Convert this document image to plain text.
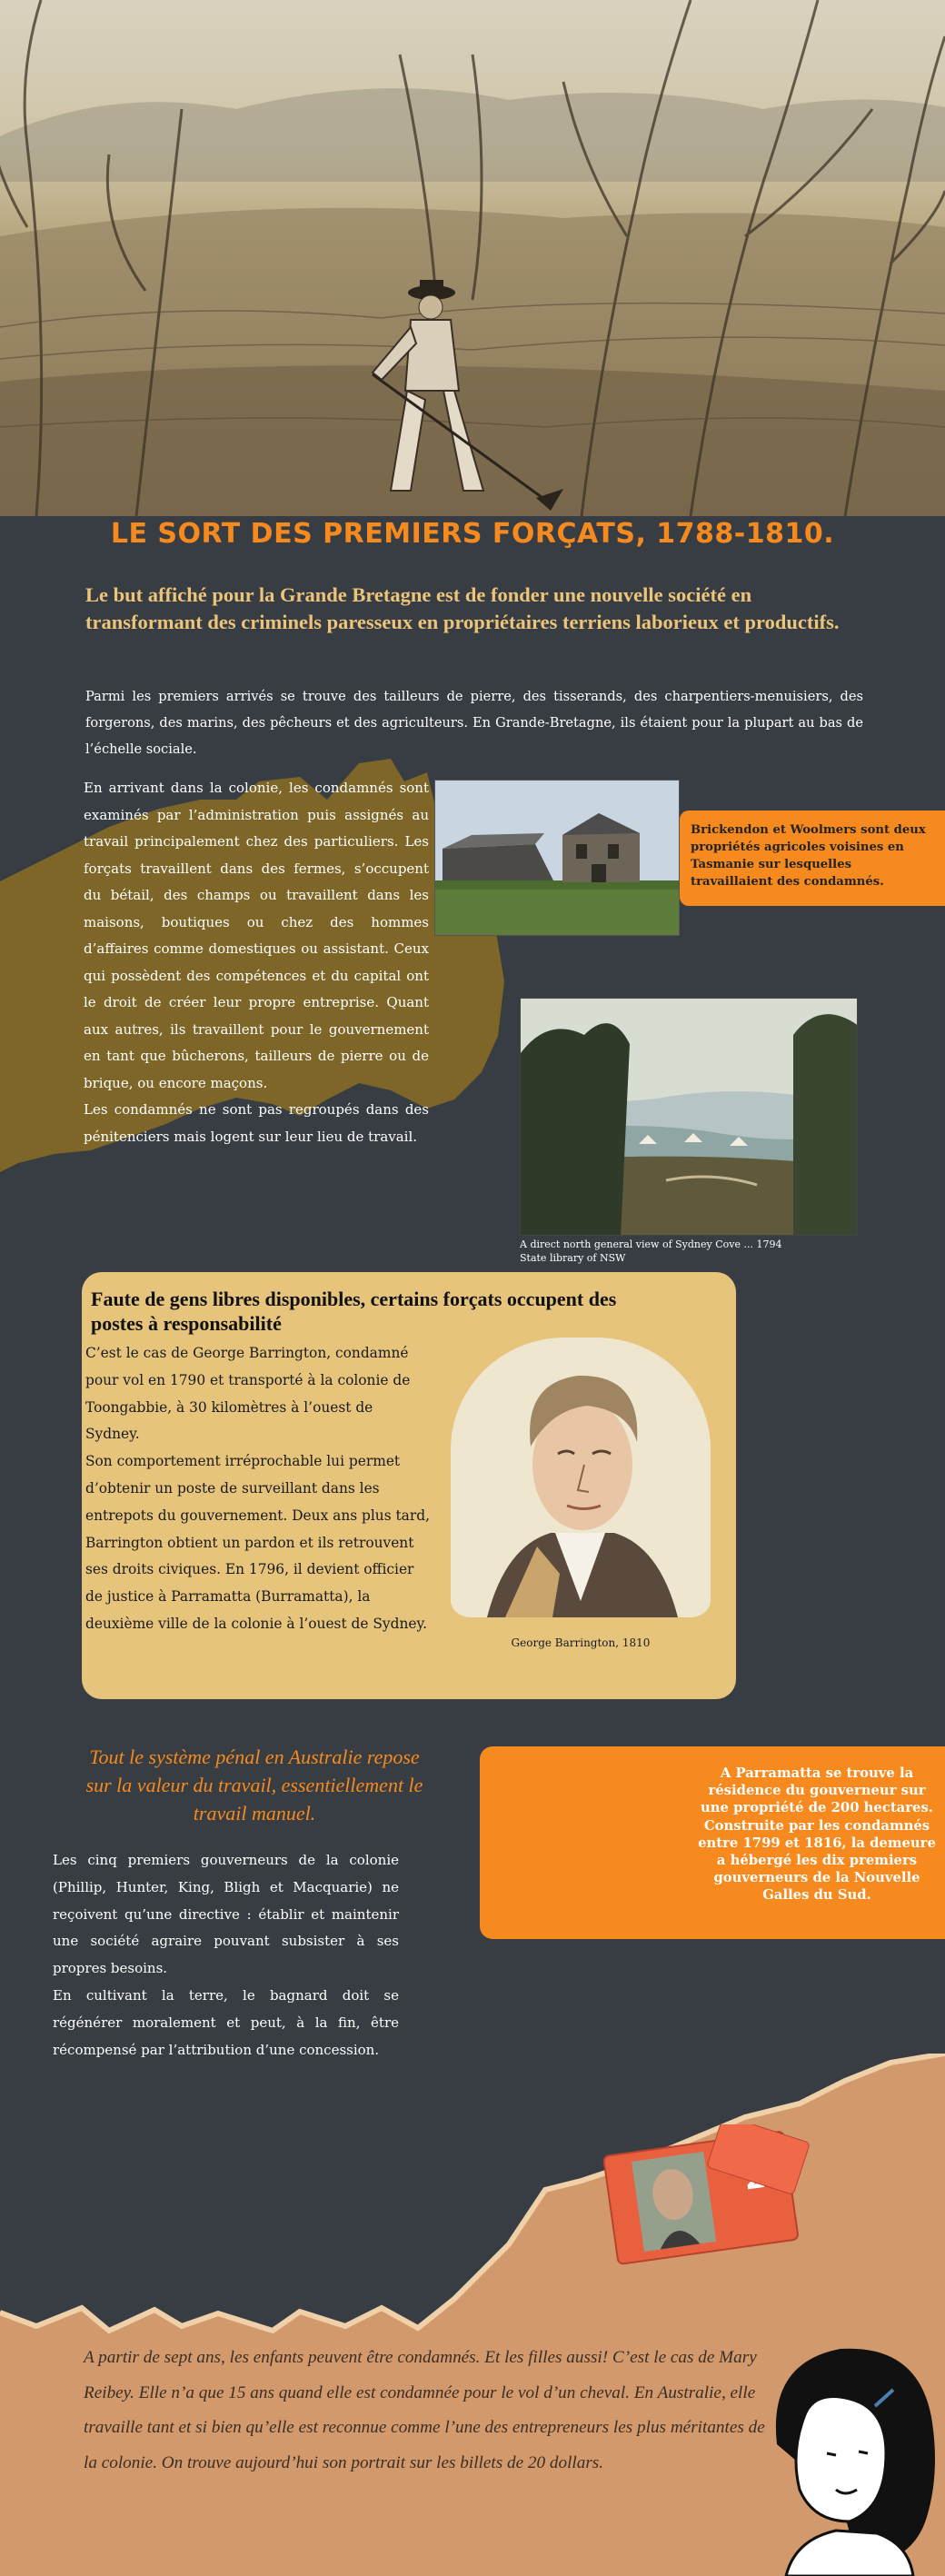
LE SORT DES PREMIERS FORÇATS, 1788-1810.
Le but affiché pour la Grande Bretagne est de fonder une nouvelle société en transformant des criminels paresseux en propriétaires terriens laborieux et productifs.
Parmi les premiers arrivés se trouve des tailleurs de pierre, des tisserands, des charpentiers-menuisiers, des forgerons, des marins, des pêcheurs et des agriculteurs. En Grande-Bretagne, ils étaient pour la plupart au bas de l’échelle sociale.
En arrivant dans la colonie, les condamnés sont examinés par l’administration puis assignés au travail principalement chez des particuliers. Les forçats travaillent dans des fermes, s’occupent du bétail, des champs ou travaillent dans les maisons, boutiques ou chez des hommes d’affaires comme domestiques ou assistant. Ceux qui possèdent des compétences et du capital ont le droit de créer leur propre entreprise. Quant aux autres, ils travaillent pour le gouvernement en tant que bûcherons, tailleurs de pierre ou de brique, ou encore maçons.
Les condamnés ne sont pas regroupés dans des pénitenciers mais logent sur leur lieu de travail.
Brickendon et Woolmers sont deux propriétés agricoles voisines en Tasmanie sur lesquelles travaillaient des condamnés.
A direct north general view of Sydney Cove ... 1794
State library of NSW
Faute de gens libres disponibles, certains forçats occupent des postes à responsabilité
C’est le cas de George Barrington, condamné pour vol en 1790 et transporté à la colonie de Toongabbie, à 30 kilomètres à l’ouest de Sydney.
Son comportement irréprochable lui permet d’obtenir un poste de surveillant dans les entrepots du gouvernement. Deux ans plus tard, Barrington obtient un pardon et ils retrouvent ses droits civiques. En 1796, il devient officier de justice à Parramatta (Burramatta), la deuxième ville de la colonie à l’ouest de Sydney.
George Barrington, 1810
Tout le système pénal en Australie repose sur la valeur du travail, essentiellement le travail manuel.
Les cinq premiers gouverneurs de la colonie (Phillip, Hunter, King, Bligh et Macquarie) ne reçoivent qu’une directive : établir et maintenir une société agraire pouvant subsister à ses propres besoins.
En cultivant la terre, le bagnard doit se régénérer moralement et peut, à la fin, être récompensé par l’attribution d’une concession.
A Parramatta se trouve la résidence du gouverneur sur une propriété de 200 hectares. Construite par les condamnés entre 1799 et 1816, la demeure a hébergé les dix premiers gouverneurs de la Nouvelle Galles du Sud.
A partir de sept ans, les enfants peuvent être condamnés. Et les filles aussi! C’est le cas de Mary Reibey. Elle n’a que 15 ans quand elle est condamnée pour le vol d’un cheval. En Australie, elle travaille tant et si bien qu’elle est reconnue comme l’une des entrepreneurs les plus méritantes de la colonie. On trouve aujourd’hui son portrait sur les billets de 20 dollars.
